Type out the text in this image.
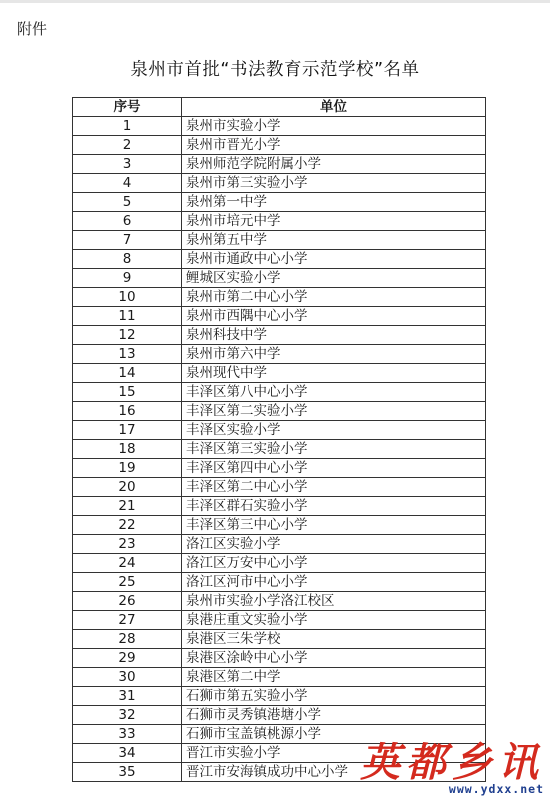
附件
泉州市首批“书法教育示范学校”名单
序号	单位
1	泉州市实验小学
2	泉州市晋光小学
3	泉州师范学院附属小学
4	泉州市第三实验小学
5	泉州第一中学
6	泉州市培元中学
7	泉州第五中学
8	泉州市通政中心小学
9	鲤城区实验小学
10	泉州市第二中心小学
11	泉州市西隅中心小学
12	泉州科技中学
13	泉州市第六中学
14	泉州现代中学
15	丰泽区第八中心小学
16	丰泽区第二实验小学
17	丰泽区实验小学
18	丰泽区第三实验小学
19	丰泽区第四中心小学
20	丰泽区第二中心小学
21	丰泽区群石实验小学
22	丰泽区第三中心小学
23	洛江区实验小学
24	洛江区万安中心小学
25	洛江区河市中心小学
26	泉州市实验小学洛江校区
27	泉港庄重文实验小学
28	泉港区三朱学校
29	泉港区涂岭中心小学
30	泉港区第二中学
31	石狮市第五实验小学
32	石狮市灵秀镇港塘小学
33	石狮市宝盖镇桃源小学
34	晋江市实验小学
35	晋江市安海镇成功中心小学 英都乡讯
www.ydxx.net
